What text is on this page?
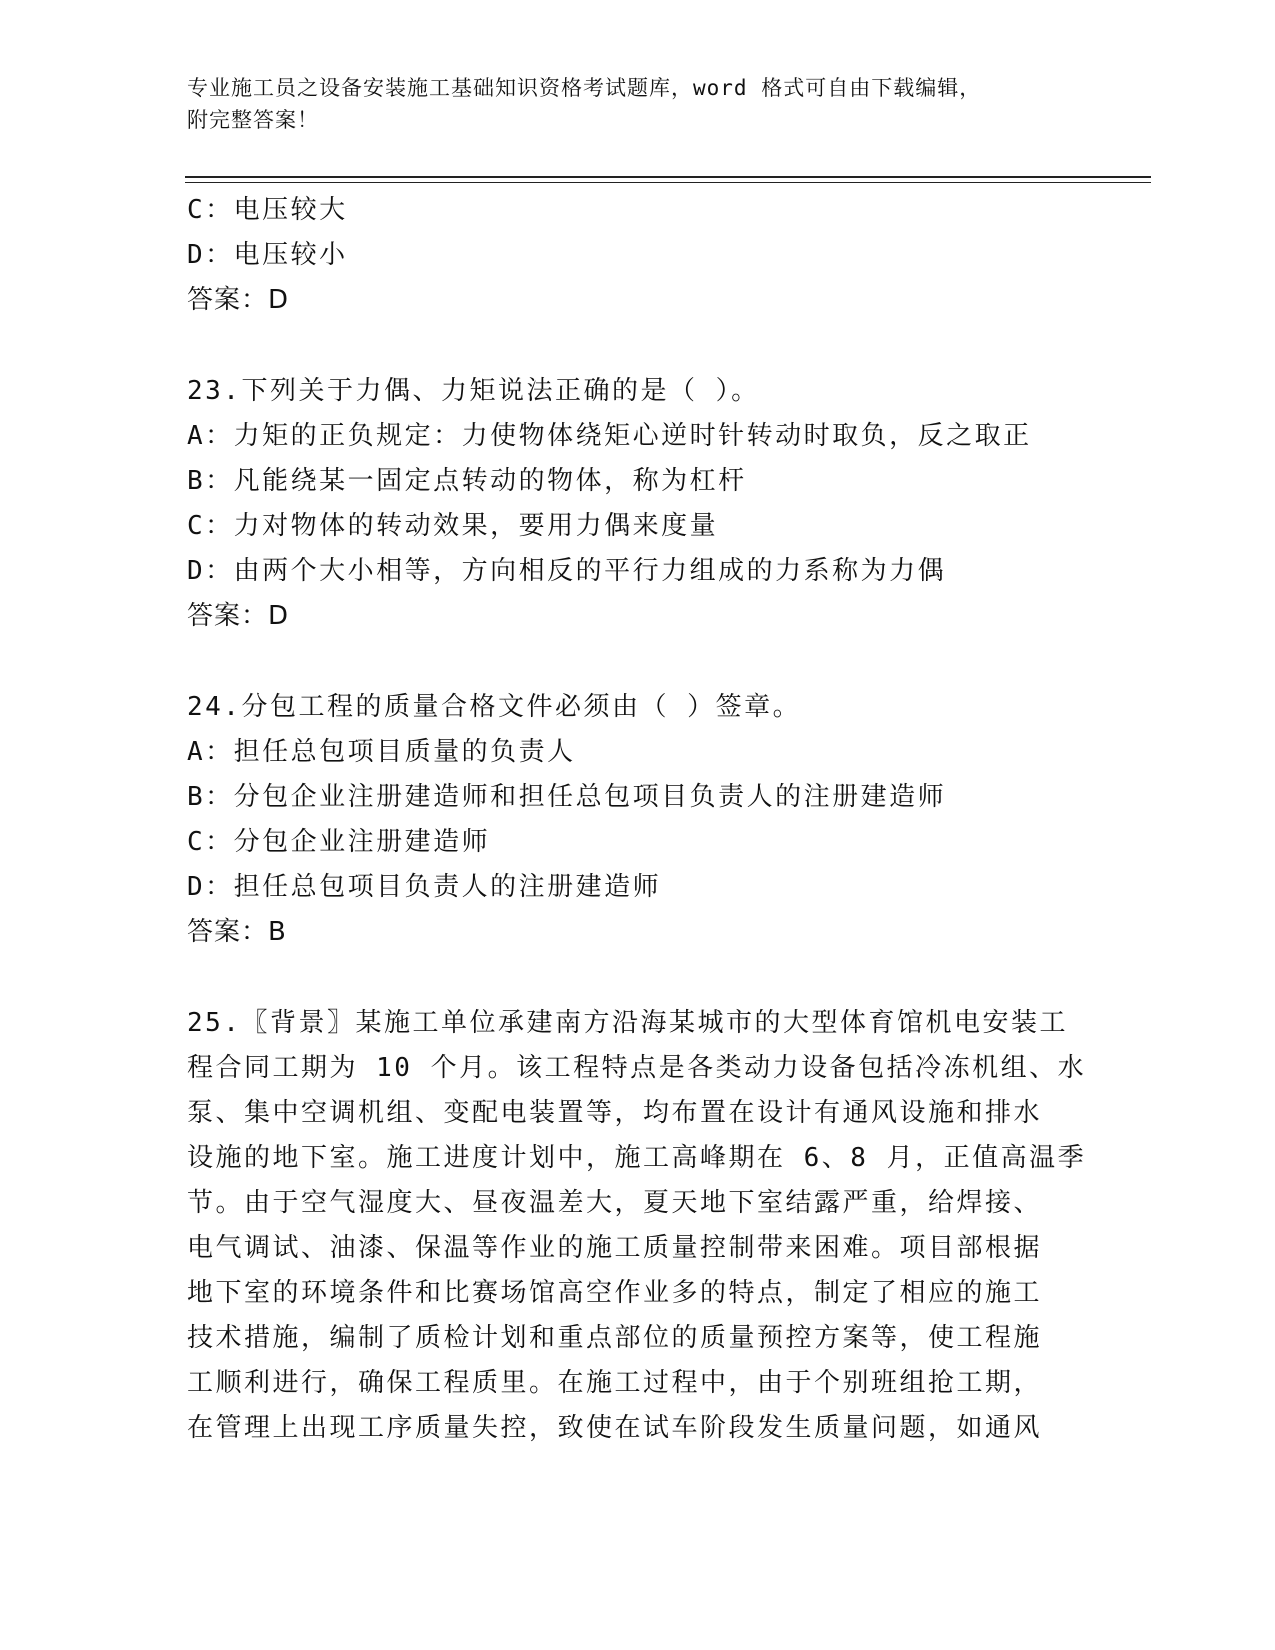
专业施工员之设备安装施工基础知识资格考试题库，word 格式可自由下载编辑，
附完整答案！
C：电压较大
D：电压较小
答案：D
23.下列关于力偶、力矩说法正确的是（ ）。
A：力矩的正负规定：力使物体绕矩心逆时针转动时取负，反之取正
B：凡能绕某一固定点转动的物体，称为杠杆
C：力对物体的转动效果，要用力偶来度量
D：由两个大小相等，方向相反的平行力组成的力系称为力偶
答案：D
24.分包工程的质量合格文件必须由（ ）签章。
A：担任总包项目质量的负责人
B：分包企业注册建造师和担任总包项目负责人的注册建造师
C：分包企业注册建造师
D：担任总包项目负责人的注册建造师
答案：B
25.〖背景〗某施工单位承建南方沿海某城市的大型体育馆机电安装工
程合同工期为 10 个月。该工程特点是各类动力设备包括冷冻机组、水
泵、集中空调机组、变配电装置等，均布置在设计有通风设施和排水
设施的地下室。施工进度计划中，施工高峰期在 6、8 月，正值高温季
节。由于空气湿度大、昼夜温差大，夏天地下室结露严重，给焊接、
电气调试、油漆、保温等作业的施工质量控制带来困难。项目部根据
地下室的环境条件和比赛场馆高空作业多的特点，制定了相应的施工
技术措施，编制了质检计划和重点部位的质量预控方案等，使工程施
工顺利进行，确保工程质里。在施工过程中，由于个别班组抢工期，
在管理上出现工序质量失控，致使在试车阶段发生质量问题，如通风
